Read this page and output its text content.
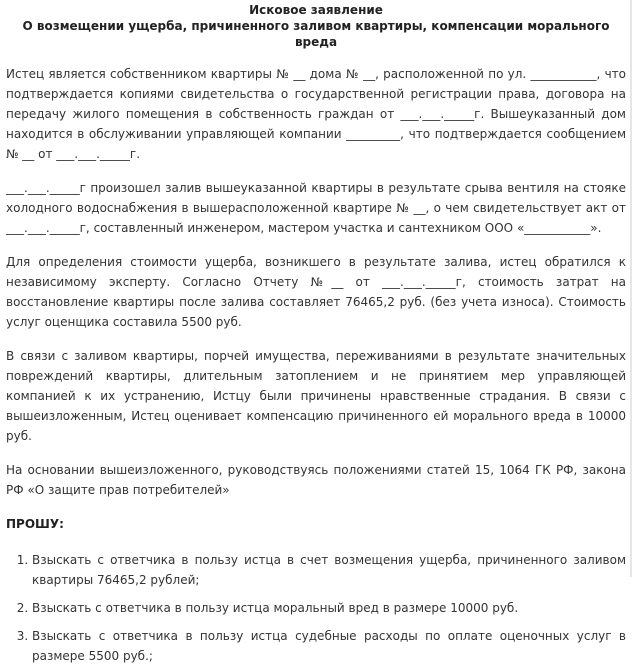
Исковое заявление
О возмещении ущерба, причиненного заливом квартиры, компенсации морального вреда

Истец является собственником квартиры № __ дома № __, расположенной по ул. ___________, что подтверждается копиями свидетельства о государственной регистрации права, договора на передачу жилого помещения в собственность граждан от ___.___._____г. Вышеуказанный дом находится в обслуживании управляющей компании _________, что подтверждается сообщением № __ от ___.___._____г.

___.___._____г произошел залив вышеуказанной квартиры в результате срыва вентиля на стояке холодного водоснабжения в вышерасположенной квартире № __, о чем свидетельствует акт от ___.___._____г, составленный инженером, мастером участка и сантехником ООО «___________».

Для определения стоимости ущерба, возникшего в результате залива, истец обратился к независимому эксперту. Согласно Отчету №__ от ___.___._____г, стоимость затрат на восстановление квартиры после залива составляет 76465,2 руб. (без учета износа). Стоимость услуг оценщика составила 5500 руб.

В связи с заливом квартиры, порчей имущества, переживаниями в результате значительных повреждений квартиры, длительным затоплением и не принятием мер управляющей компанией к их устранению, Истцу были причинены нравственные страдания. В связи с вышеизложенным, Истец оценивает компенсацию причиненного ей морального вреда в 10000 руб.

На основании вышеизложенного, руководствуясь положениями статей 15, 1064 ГК РФ, закона РФ «О защите прав потребителей»

ПРОШУ:
1. Взыскать с ответчика в пользу истца в счет возмещения ущерба, причиненного заливом квартиры 76465,2 рублей;
2. Взыскать с ответчика в пользу истца моральный вред в размере 10000 руб.
3. Взыскать с ответчика в пользу истца судебные расходы по оплате оценочных услуг в размере 5500 руб.;
